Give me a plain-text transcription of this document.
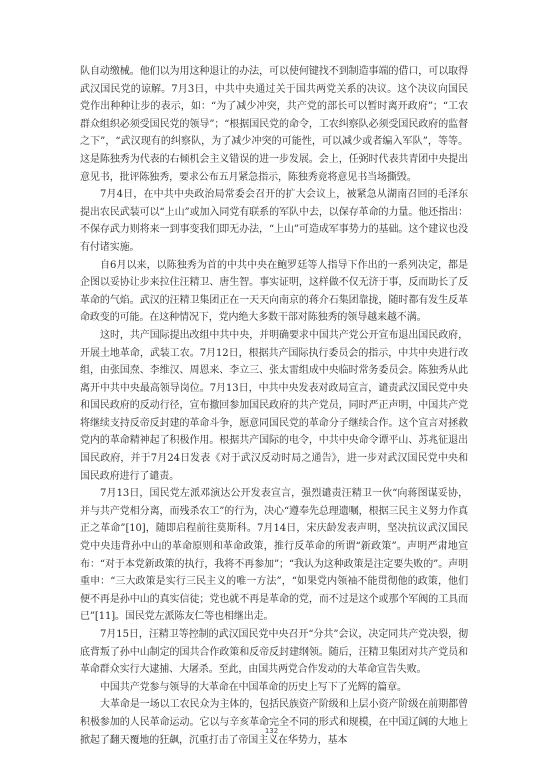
队自动缴械。他们以为用这种退让的办法，可以使何键找不到制造事端的借口，可以取得武汉国民党的谅解。7月3日，中共中央通过关于国共两党关系的决议。这个决议向国民党作出种种让步的表示，如：“为了减少冲突，共产党的部长可以暂时离开政府”；“工农群众组织必须受国民党的领导”；“根据国民党的命令，工农纠察队必须受国民政府的监督之下”，“武汉现有的纠察队，为了减少冲突的可能性，可以减少或者编入军队”，等等。这是陈独秀为代表的右倾机会主义错误的进一步发展。会上，任弼时代表共青团中央提出意见书，批评陈独秀，要求公布五月紧急指示，陈独秀竟将意见书当场撕毁。

7月4日，在中共中央政治局常委会召开的扩大会议上，被紧急从湖南召回的毛泽东提出农民武装可以“上山”或加入同党有联系的军队中去，以保存革命的力量。他还指出：不保存武力则将来一到事变我们即无办法，“上山”可造成军事势力的基础。这个建议也没有付诸实施。

自6月以来，以陈独秀为首的中共中央在鲍罗廷等人指导下作出的一系列决定，都是企图以妥协让步来拉住汪精卫、唐生智。事实证明，这样做不仅无济于事，反而助长了反革命的气焰。武汉的汪精卫集团正在一天天向南京的蒋介石集团靠拢，随时都有发生反革命政变的可能。在这种情况下，党内绝大多数干部对陈独秀的领导越来越不满。

这时，共产国际提出改组中共中央，并明确要求中国共产党公开宣布退出国民政府，开展土地革命，武装工农。7月12日，根据共产国际执行委员会的指示，中共中央进行改组，由张国焘、李维汉、周恩来、李立三、张太雷组成中央临时常务委员会。陈独秀从此离开中共中央最高领导岗位。7月13日，中共中央发表对政局宣言，谴责武汉国民党中央和国民政府的反动行径，宣布撤回参加国民政府的共产党员，同时严正声明，中国共产党将继续支持反帝反封建的革命斗争，愿意同国民党的革命分子继续合作。这个宣言对拯救党内的革命精神起了积极作用。根据共产国际的电令，中共中央命令谭平山、苏兆征退出国民政府，并于7月24日发表《对于武汉反动时局之通告》，进一步对武汉国民党中央和国民政府进行了谴责。

7月13日，国民党左派邓演达公开发表宣言，强烈谴责汪精卫一伙“向蒋图谋妥协，并与共产党相分离，而残杀农工”的行为，决心“遵奉先总理遗嘱，根据三民主义努力作真正之革命”[10]，随即启程前往莫斯科。7月14日，宋庆龄发表声明，坚决抗议武汉国民党中央违背孙中山的革命原则和革命政策，推行反革命的所谓“新政策”。声明严肃地宣布：“对于本党新政策的执行，我将不再参加”；“我认为这种政策是注定要失败的”。声明重申：“三大政策是实行三民主义的唯一方法”，“如果党内领袖不能贯彻他的政策，他们便不再是孙中山的真实信徒；党也就不再是革命的党，而不过是这个或那个军阀的工具而已”[11]。国民党左派陈友仁等也相继出走。

7月15日，汪精卫等控制的武汉国民党中央召开“分共”会议，决定同共产党决裂，彻底背叛了孙中山制定的国共合作政策和反帝反封建纲领。随后，汪精卫集团对共产党员和革命群众实行大逮捕、大屠杀。至此，由国共两党合作发动的大革命宣告失败。

中国共产党参与领导的大革命在中国革命的历史上写下了光辉的篇章。

大革命是一场以工农民众为主体的，包括民族资产阶级和上层小资产阶级在前期都曾积极参加的人民革命运动。它以与辛亥革命完全不同的形式和规模，在中国辽阔的大地上掀起了翻天覆地的狂飙，沉重打击了帝国主义在华势力，基本

132
